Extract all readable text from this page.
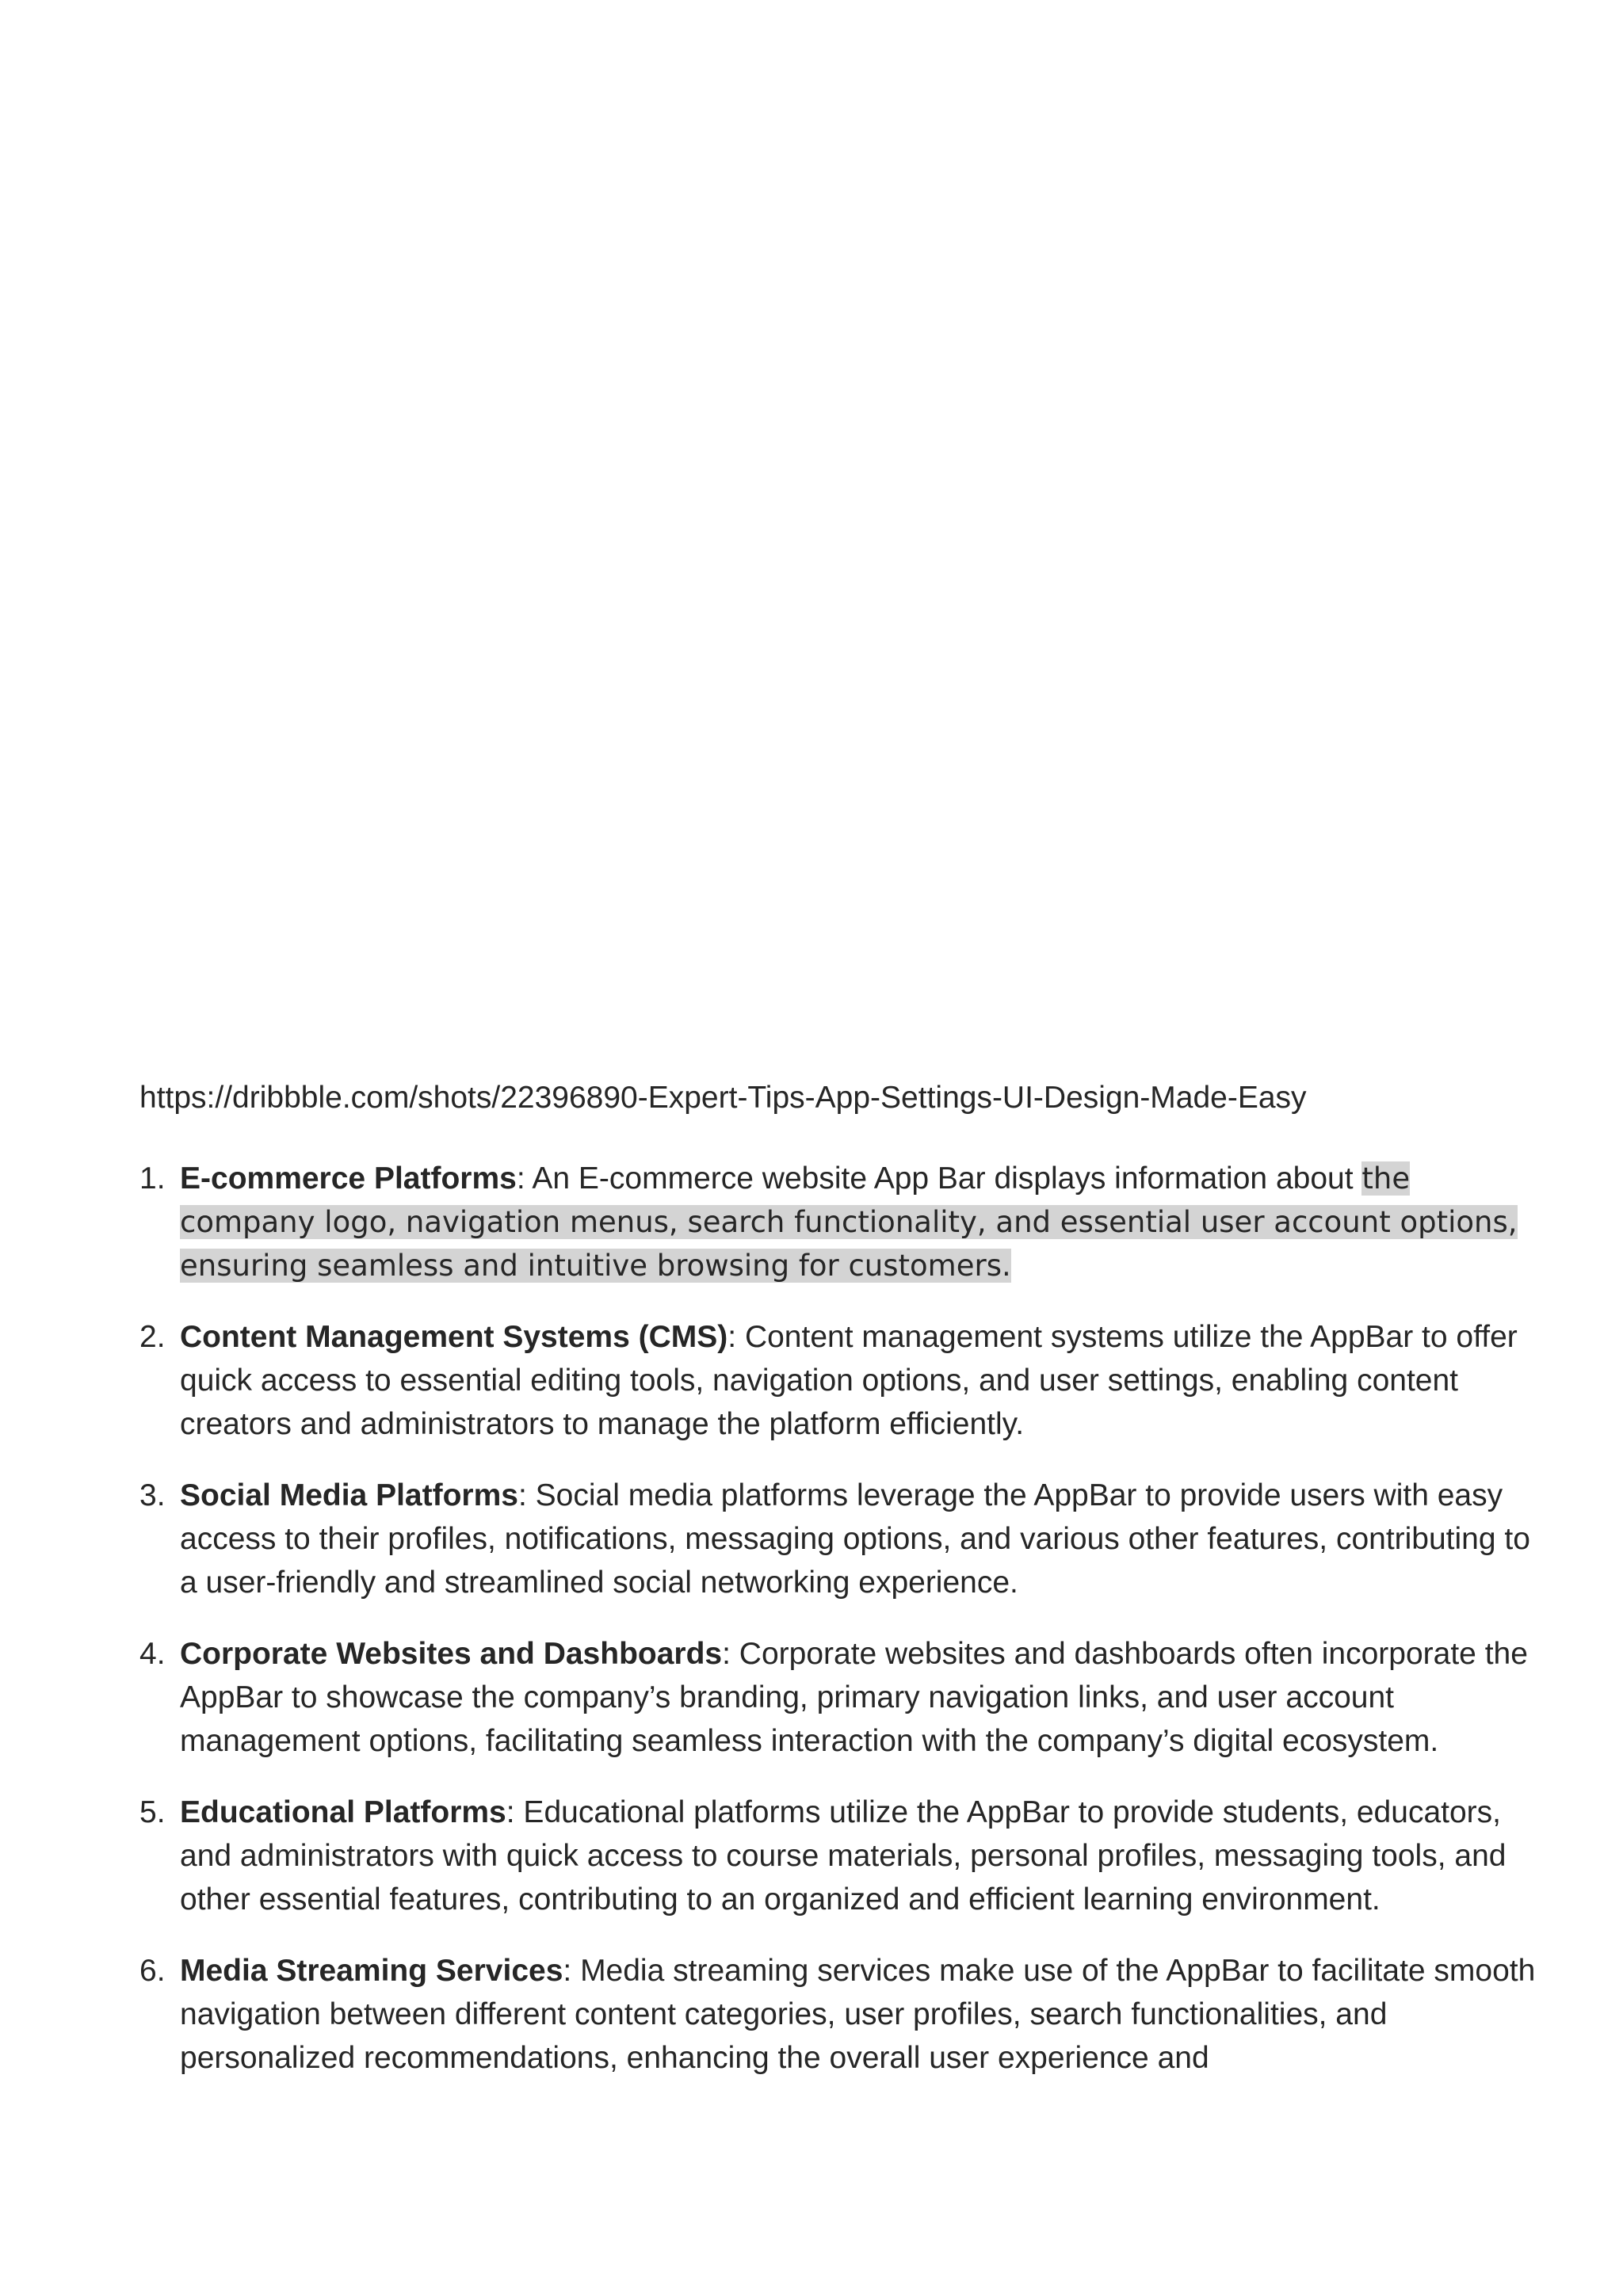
https://dribbble.com/shots/22396890-Expert-Tips-App-Settings-UI-Design-Made-Easy
1. E-commerce Platforms: An E-commerce website App Bar displays information about the company logo, navigation menus, search functionality, and essential user account options, ensuring seamless and intuitive browsing for customers.
2. Content Management Systems (CMS): Content management systems utilize the AppBar to offer quick access to essential editing tools, navigation options, and user settings, enabling content creators and administrators to manage the platform efficiently.
3. Social Media Platforms: Social media platforms leverage the AppBar to provide users with easy access to their profiles, notifications, messaging options, and various other features, contributing to a user-friendly and streamlined social networking experience.
4. Corporate Websites and Dashboards: Corporate websites and dashboards often incorporate the AppBar to showcase the company’s branding, primary navigation links, and user account management options, facilitating seamless interaction with the company’s digital ecosystem.
5. Educational Platforms: Educational platforms utilize the AppBar to provide students, educators, and administrators with quick access to course materials, personal profiles, messaging tools, and other essential features, contributing to an organized and efficient learning environment.
6. Media Streaming Services: Media streaming services make use of the AppBar to facilitate smooth navigation between different content categories, user profiles, search functionalities, and personalized recommendations, enhancing the overall user experience and
